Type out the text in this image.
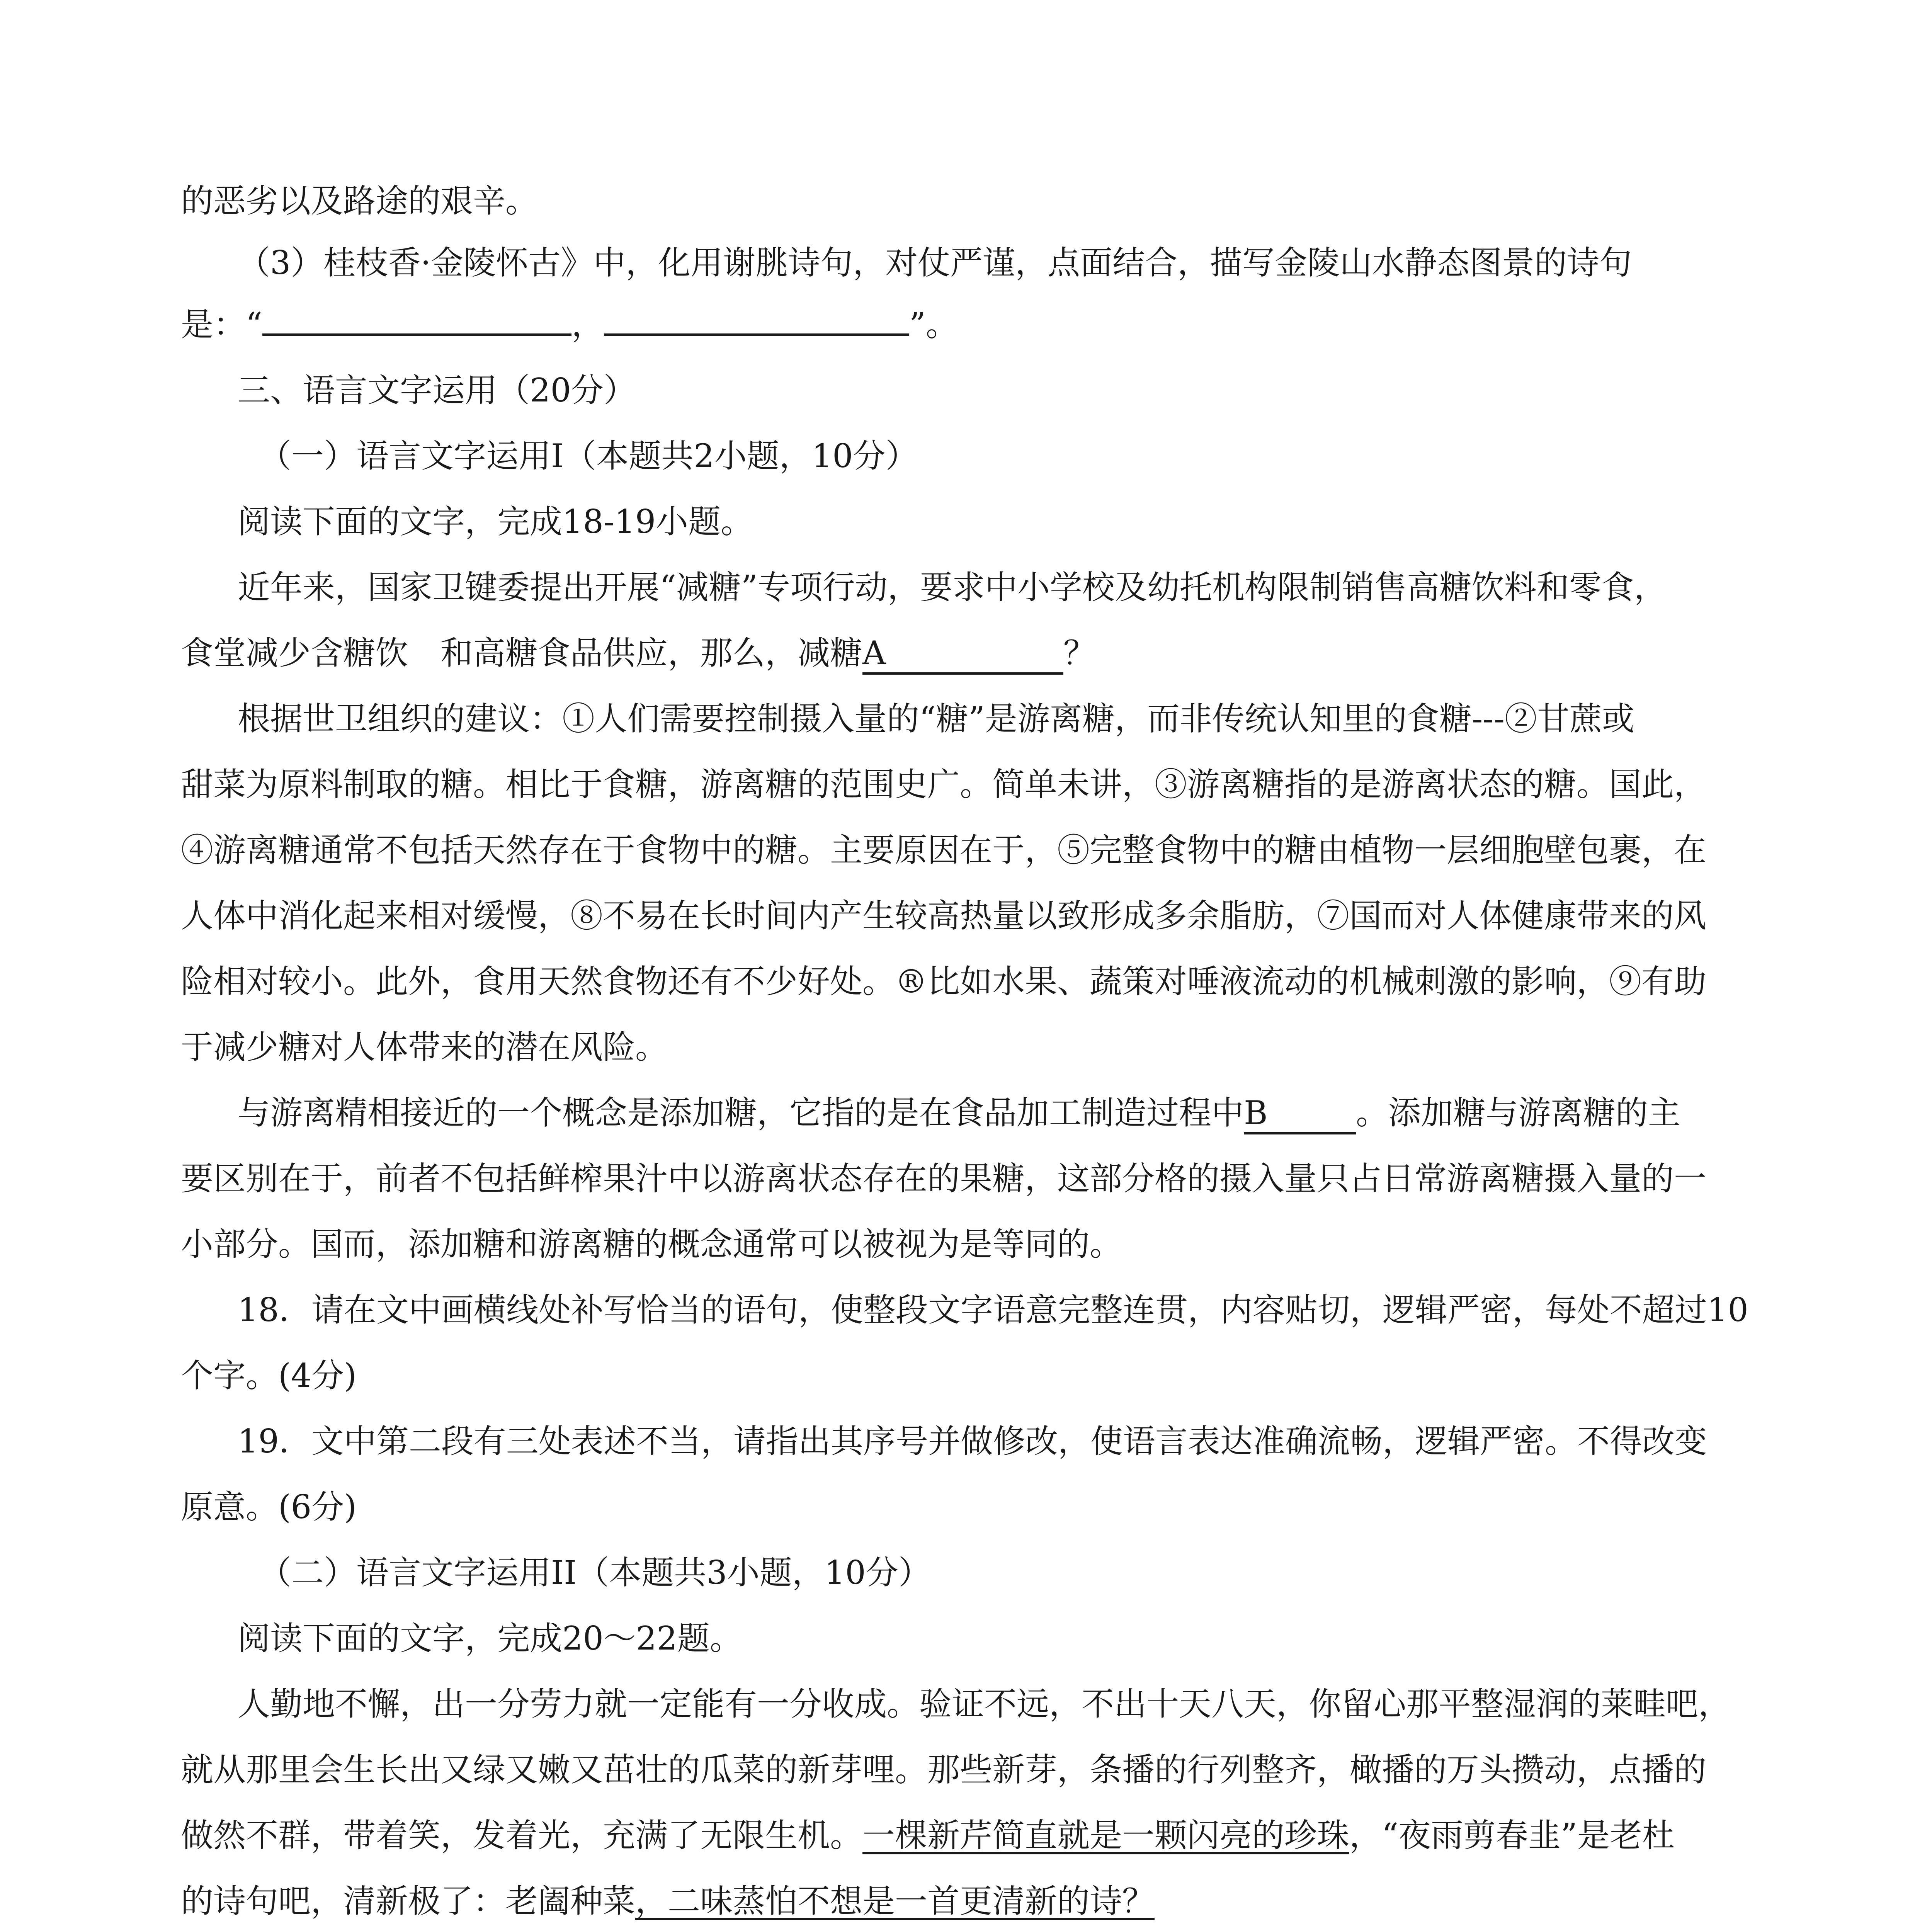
的恶劣以及路途的艰辛。
（3）桂枝香·金陵怀古》中，化用谢朓诗句，对仗严谨，点面结合，描写金陵山水静态图景的诗句
是：“	，	”。
三、语言文字运用（20分）
（一）语言文字运用Ⅰ（本题共2小题，10分）
阅读下面的文字，完成18-19小题。
近年来，国家卫键委提出开展“减糖”专项行动，要求中小学校及幼托机构限制销售高糖饮料和零食，
食堂减少含糖饮　和高糖食品供应，那么，减糖A	？
根据世卫组织的建议：①人们需要控制摄入量的“糖”是游离糖，而非传统认知里的食糖---②甘蔗或
甜菜为原料制取的糖。相比于食糖，游离糖的范围史广。简单未讲，③游离糖指的是游离状态的糖。国此，
④游离糖通常不包括天然存在于食物中的糖。主要原因在于，⑤完整食物中的糖由植物一层细胞壁包裹，在
人体中消化起来相对缓慢，⑧不易在长时间内产生较高热量以致形成多余脂肪，⑦国而对人体健康带来的风
险相对较小。此外，食用天然食物还有不少好处。®比如水果、蔬策对唾液流动的机械刺激的影响，⑨有助
于减少糖对人体带来的潜在风险。
与游离精相接近的一个概念是添加糖，它指的是在食品加工制造过程中B	。添加糖与游离糖的主
要区别在于，前者不包括鲜榨果汁中以游离状态存在的果糖，这部分格的摄入量只占日常游离糖摄入量的一
小部分。国而，添加糖和游离糖的概念通常可以被视为是等同的。
18．请在文中画横线处补写恰当的语句，使整段文字语意完整连贯，内容贴切，逻辑严密，每处不超过10
个字。(4分)
19．文中第二段有三处表述不当，请指出其序号并做修改，使语言表达准确流畅，逻辑严密。不得改变
原意。(6分)
（二）语言文字运用II（本题共3小题，10分）
阅读下面的文字，完成20～22题。
人勤地不懈，出一分劳力就一定能有一分收成。验证不远，不出十天八天，你留心那平整湿润的莱畦吧，
就从那里会生长出又绿又嫩又茁壮的瓜菜的新芽哩。那些新芽，条播的行列整齐，橄播的万头攒动，点播的
做然不群，带着笑，发着光，充满了无限生机。一棵新芹简直就是一颗闪亮的珍珠，“夜雨剪春韭”是老杜
的诗句吧，清新极了：老阖种菜，二味蒸怕不想是一首更清新的诗？
